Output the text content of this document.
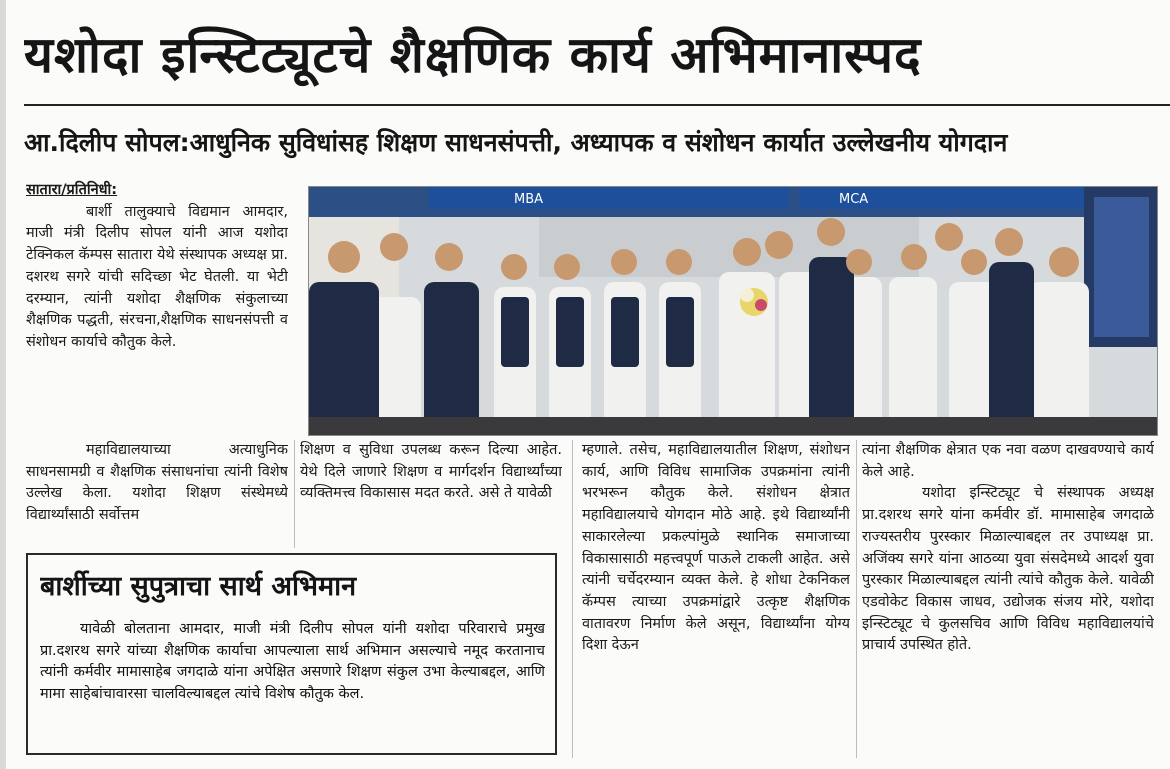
यशोदा इन्स्टिट्यूटचे शैक्षणिक कार्य अभिमानास्पद
आ.दिलीप सोपल:आधुनिक सुविधांसह शिक्षण साधनसंपत्ती, अध्यापक व संशोधन कार्यात उल्लेखनीय योगदान

सातारा/प्रतिनिधी:

बार्शी तालुक्याचे विद्यमान आमदार, माजी मंत्री दिलीप सोपल यांनी आज यशोदा टेक्निकल कॅम्पस सातारा येथे संस्थापक अध्यक्ष प्रा. दशरथ सगरे यांची सदिच्छा भेट घेतली. या भेटी दरम्यान, त्यांनी यशोदा शैक्षणिक संकुलाच्या शैक्षणिक पद्धती, संरचना,शैक्षणिक साधनसंपत्ती व संशोधन कार्याचे कौतुक केले.

महाविद्यालयाच्या अत्याधुनिक साधनसामग्री व शैक्षणिक संसाधनांचा त्यांनी विशेष उल्लेख केला. यशोदा शिक्षण संस्थेमध्ये विद्यार्थ्यांसाठी सर्वोत्तम

शिक्षण व सुविधा उपलब्ध करून दिल्या आहेत. येथे दिले जाणारे शिक्षण व मार्गदर्शन विद्यार्थ्यांच्या व्यक्तिमत्त्व विकासास मदत करते. असे ते यावेळी

म्हणाले. तसेच, महाविद्यालयातील शिक्षण, संशोधन कार्य, आणि विविध सामाजिक उपक्रमांना त्यांनी भरभरून कौतुक केले. संशोधन क्षेत्रात महाविद्यालयाचे योगदान मोठे आहे. इथे विद्यार्थ्यांनी साकारलेल्या प्रकल्पांमुळे स्थानिक समाजाच्या विकासासाठी महत्त्वपूर्ण पाऊले टाकली आहेत. असे त्यांनी चर्चेदरम्यान व्यक्त केले. हे शोधा टेकनिकल कॅम्पस त्याच्या उपक्रमांद्वारे उत्कृष्ट शैक्षणिक वातावरण निर्माण केले असून, विद्यार्थ्यांना योग्य दिशा देऊन

त्यांना शैक्षणिक क्षेत्रात एक नवा वळण दाखवण्याचे कार्य केले आहे.

यशोदा इन्स्टिट्यूट चे संस्थापक अध्यक्ष प्रा.दशरथ सगरे यांना कर्मवीर डॉ. मामासाहेब जगदाळे राज्यस्तरीय पुरस्कार मिळाल्याबद्दल तर उपाध्यक्ष प्रा. अजिंक्य सगरे यांना आठव्या युवा संसदेमध्ये आदर्श युवा पुरस्कार मिळाल्याबद्दल त्यांनी त्यांचे कौतुक केले. यावेळी एडवोकेट विकास जाधव, उद्योजक संजय मोरे, यशोदा इन्स्टिट्यूट चे कुलसचिव आणि विविध महाविद्यालयांचे प्राचार्य उपस्थित होते.

MBA	MCA
बार्शीच्या सुपुत्राचा सार्थ अभिमान

यावेळी बोलताना आमदार, माजी मंत्री दिलीप सोपल यांनी यशोदा परिवाराचे प्रमुख प्रा.दशरथ सगरे यांच्या शैक्षणिक कार्याचा आपल्याला सार्थ अभिमान असल्याचे नमूद करतानाच त्यांनी कर्मवीर मामासाहेब जगदाळे यांना अपेक्षित असणारे शिक्षण संकुल उभा केल्याबद्दल, आणि मामा साहेबांचावारसा चालविल्याबद्दल त्यांचे विशेष कौतुक केल.
